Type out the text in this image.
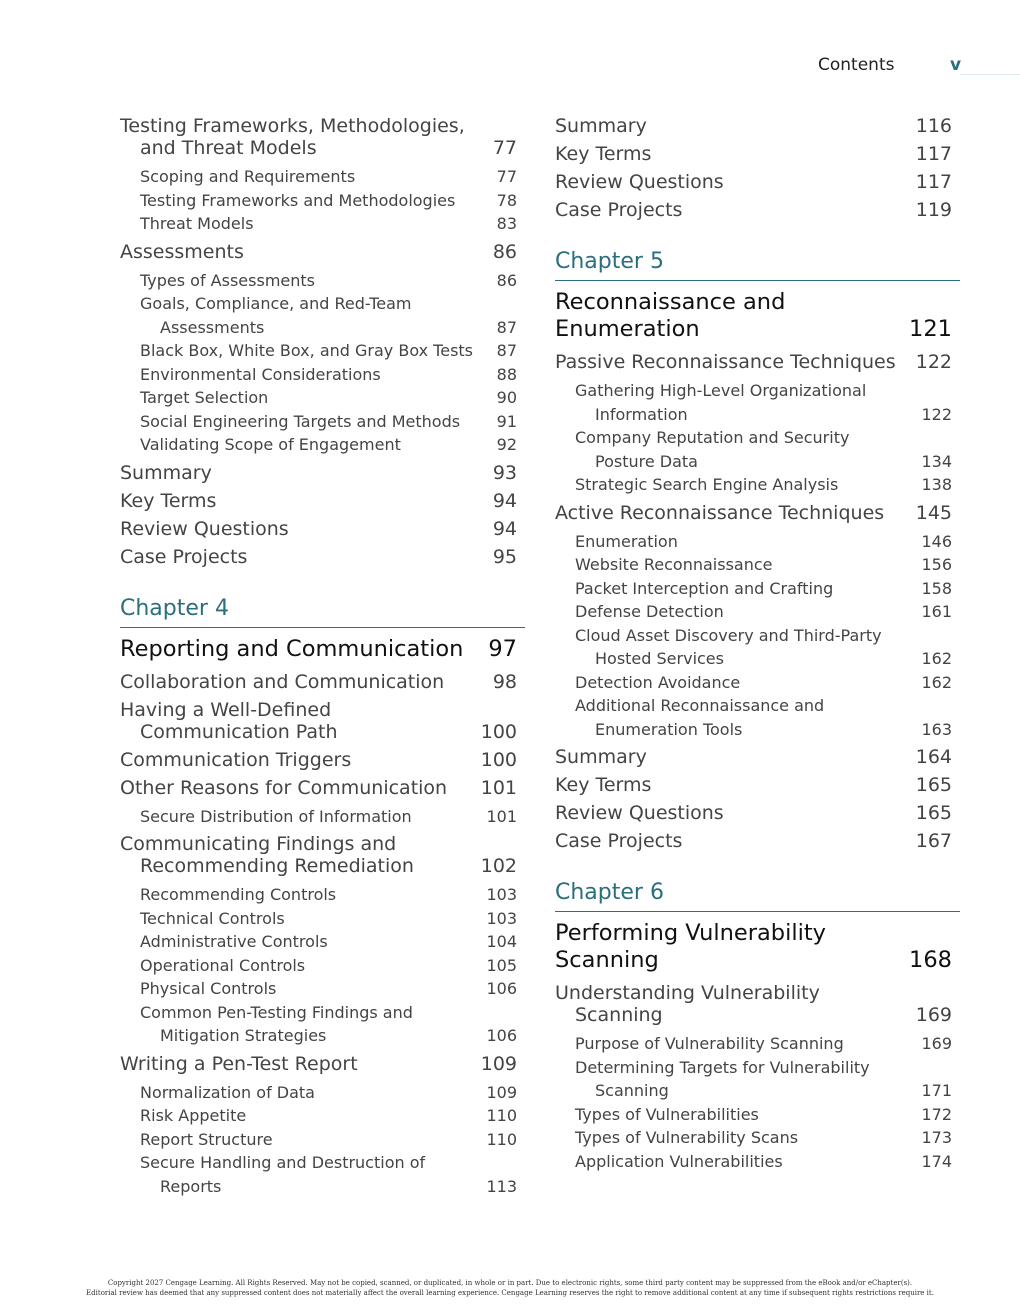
Contents	v
Testing Frameworks, Methodologies, and Threat Models	77
Scoping and Requirements	77
Testing Frameworks and Methodologies	78
Threat Models	83
Assessments	86
Types of Assessments	86
Goals, Compliance, and Red-Team Assessments	87
Black Box, White Box, and Gray Box Tests	87
Environmental Considerations	88
Target Selection	90
Social Engineering Targets and Methods	91
Validating Scope of Engagement	92
Summary	93
Key Terms	94
Review Questions	94
Case Projects	95
Chapter 4
Reporting and Communication	97
Collaboration and Communication	98
Having a Well-Defined Communication Path	100
Communication Triggers	100
Other Reasons for Communication	101
Secure Distribution of Information	101
Communicating Findings and Recommending Remediation	102
Recommending Controls	103
Technical Controls	103
Administrative Controls	104
Operational Controls	105
Physical Controls	106
Common Pen-Testing Findings and Mitigation Strategies	106
Writing a Pen-Test Report	109
Normalization of Data	109
Risk Appetite	110
Report Structure	110
Secure Handling and Destruction of Reports	113
Summary	116
Key Terms	117
Review Questions	117
Case Projects	119
Chapter 5
Reconnaissance and Enumeration	121
Passive Reconnaissance Techniques	122
Gathering High-Level Organizational Information	122
Company Reputation and Security Posture Data	134
Strategic Search Engine Analysis	138
Active Reconnaissance Techniques	145
Enumeration	146
Website Reconnaissance	156
Packet Interception and Crafting	158
Defense Detection	161
Cloud Asset Discovery and Third-Party Hosted Services	162
Detection Avoidance	162
Additional Reconnaissance and Enumeration Tools	163
Summary	164
Key Terms	165
Review Questions	165
Case Projects	167
Chapter 6
Performing Vulnerability Scanning	168
Understanding Vulnerability Scanning	169
Purpose of Vulnerability Scanning	169
Determining Targets for Vulnerability Scanning	171
Types of Vulnerabilities	172
Types of Vulnerability Scans	173
Application Vulnerabilities	174
Copyright 2027 Cengage Learning. All Rights Reserved. May not be copied, scanned, or duplicated, in whole or in part. Due to electronic rights, some third party content may be suppressed from the eBook and/or eChapter(s).
Editorial review has deemed that any suppressed content does not materially affect the overall learning experience. Cengage Learning reserves the right to remove additional content at any time if subsequent rights restrictions require it.
